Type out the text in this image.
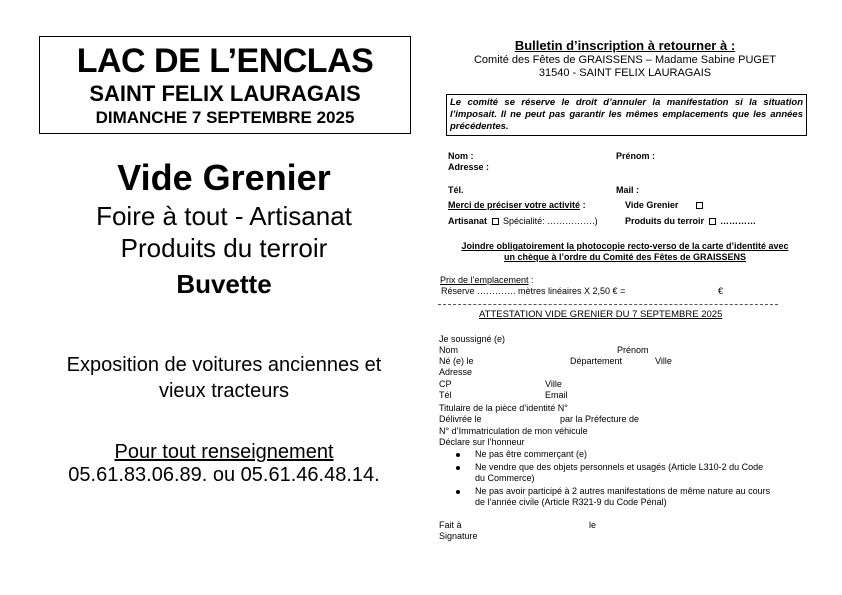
LAC DE L’ENCLAS
SAINT FELIX LAURAGAIS
DIMANCHE 7 SEPTEMBRE 2025
Vide Grenier
Foire à tout - Artisanat
Produits du terroir
Buvette
Exposition de voitures anciennes et
vieux tracteurs
Pour tout renseignement
05.61.83.06.89. ou 05.61.46.48.14.
Bulletin d’inscription à retourner à :
Comité des Fêtes de GRAISSENS – Madame Sabine PUGET
31540 - SAINT FELIX LAURAGAIS
Le comité se réserve le droit d’annuler la manifestation si la situation l’imposait. Il ne peut pas garantir les mêmes emplacements que les années précédentes.
Nom :	Prénom :
Adresse :
Tél.	Mail :
Merci de préciser votre activité :	Vide Grenier
Artisanat Spécialité: …………….)	Produits du terroir …………
Joindre obligatoirement la photocopie recto-verso de la carte d’identité avec
un chèque à l’ordre du Comité des Fêtes de GRAISSENS
Prix de l’emplacement :
Réserve …………. mètres linéaires X 2,50 € =	€
ATTESTATION VIDE GRENIER DU 7 SEPTEMBRE 2025
Je soussigné (e)
Nom	Prénom
Né (e) le	Département	Ville
Adresse
CP	Ville
Tél	Email
Titulaire de la pièce d’identité N°
Délivrée le	par la Préfecture de
N° d’Immatriculation de mon véhicule
Déclare sur l’honneur
Ne pas être commerçant (e)
Ne vendre que des objets personnels et usagés (Article L310-2 du Code
du Commerce)
Ne pas avoir participé à 2 autres manifestations de même nature au cours
de l’année civile (Article R321-9 du Code Pénal)
Fait à	le
Signature
